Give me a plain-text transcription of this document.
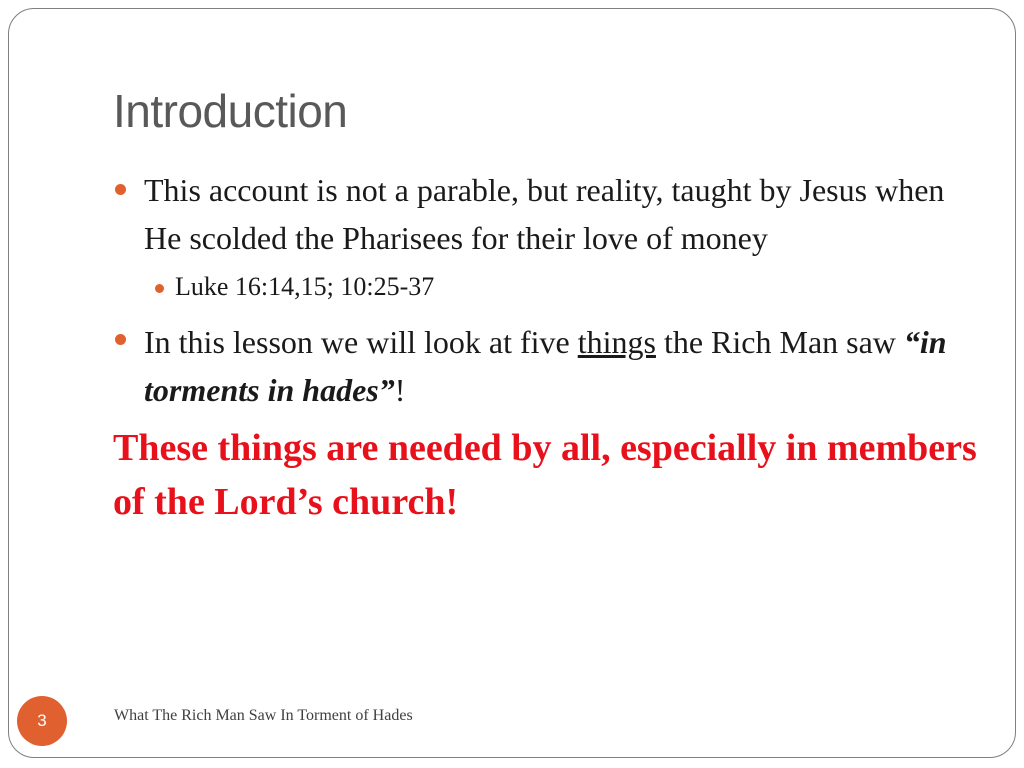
Introduction
This account is not a parable, but reality, taught by Jesus when He scolded the Pharisees for their love of money
Luke 16:14,15; 10:25-37
In this lesson we will look at five things the Rich Man saw “in torments in hades”!
These things are needed by all, especially in members of the Lord’s church!
3	What The Rich Man Saw In Torment of Hades
